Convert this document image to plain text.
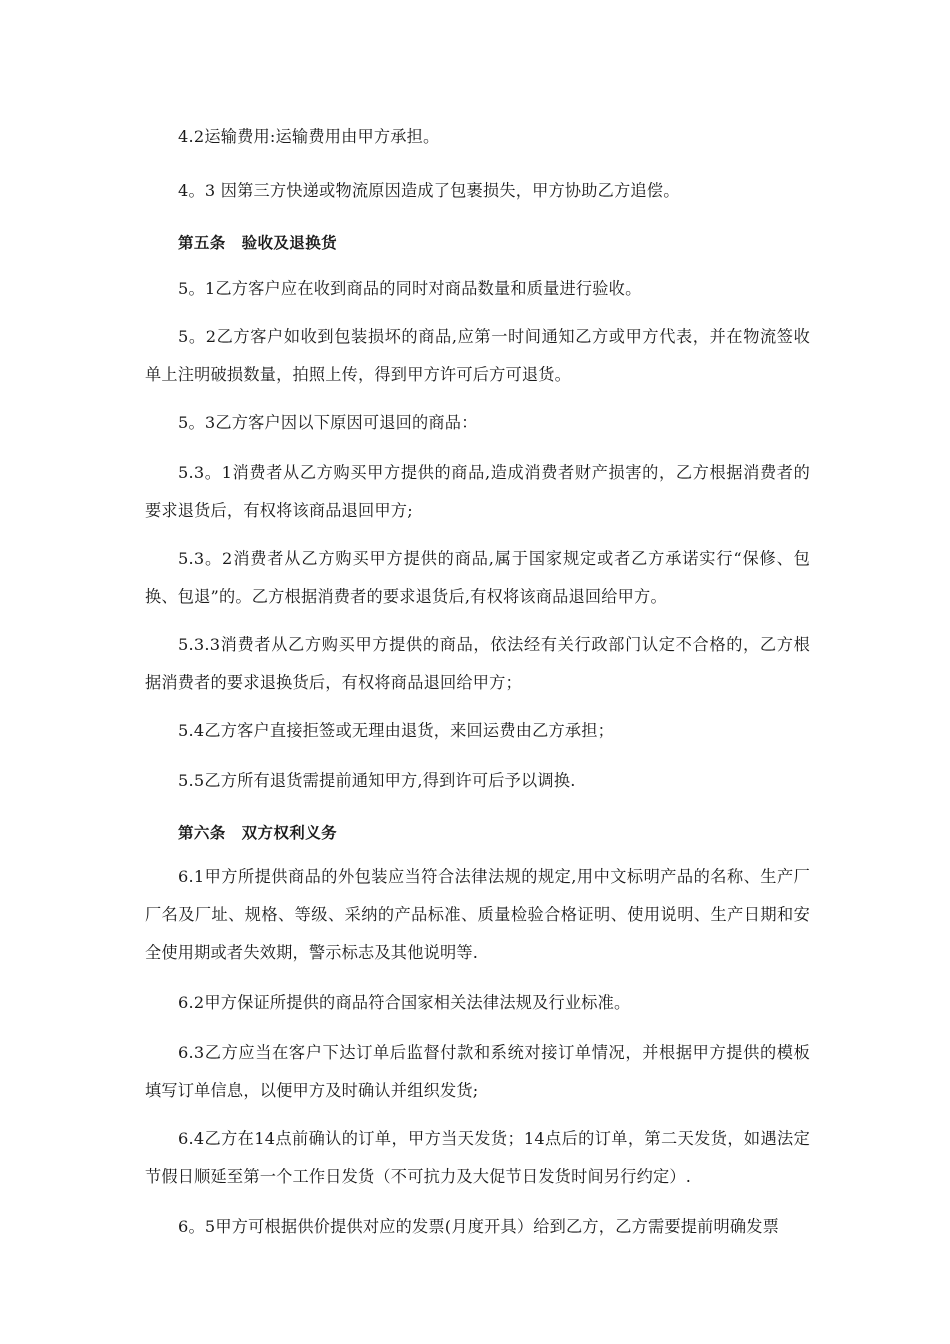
4.2运输费用:运输费用由甲方承担。

4。3 因第三方快递或物流原因造成了包裹损失，甲方协助乙方追偿。

第五条　验收及退换货

5。1乙方客户应在收到商品的同时对商品数量和质量进行验收。

5。2乙方客户如收到包装损坏的商品,应第一时间通知乙方或甲方代表，并在物流签收单上注明破损数量，拍照上传，得到甲方许可后方可退货。

5。3乙方客户因以下原因可退回的商品：

5.3。1消费者从乙方购买甲方提供的商品,造成消费者财产损害的，乙方根据消费者的要求退货后，有权将该商品退回甲方;

5.3。2消费者从乙方购买甲方提供的商品,属于国家规定或者乙方承诺实行“保修、包换、包退”的。乙方根据消费者的要求退货后,有权将该商品退回给甲方。

5.3.3消费者从乙方购买甲方提供的商品，依法经有关行政部门认定不合格的，乙方根据消费者的要求退换货后，有权将商品退回给甲方；

5.4乙方客户直接拒签或无理由退货，来回运费由乙方承担；

5.5乙方所有退货需提前通知甲方,得到许可后予以调换.

第六条　双方权利义务

6.1甲方所提供商品的外包装应当符合法律法规的规定,用中文标明产品的名称、生产厂厂名及厂址、规格、等级、采纳的产品标准、质量检验合格证明、使用说明、生产日期和安全使用期或者失效期，警示标志及其他说明等.

6.2甲方保证所提供的商品符合国家相关法律法规及行业标准。

6.3乙方应当在客户下达订单后监督付款和系统对接订单情况，并根据甲方提供的模板填写订单信息，以便甲方及时确认并组织发货;

6.4乙方在14点前确认的订单，甲方当天发货；14点后的订单，第二天发货，如遇法定节假日顺延至第一个工作日发货（不可抗力及大促节日发货时间另行约定）.

6。5甲方可根据供价提供对应的发票(月度开具）给到乙方，乙方需要提前明确发票
